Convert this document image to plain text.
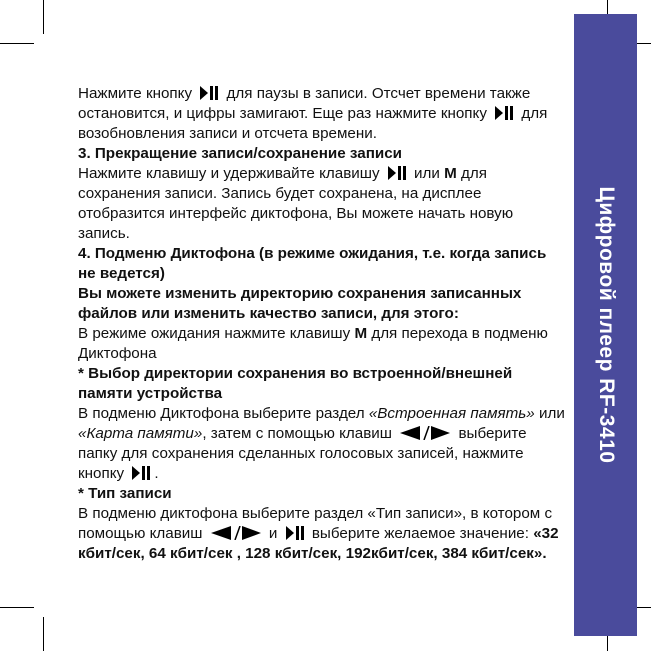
Цифровой плеер RF-3410

Нажмите кнопку для паузы в записи. Отсчет времени также остановится, и цифры замигают. Еще раз нажмите кнопку для возобновления записи и отсчета времени.

3. Прекращение записи/сохранение записи

Нажмите клавишу и удерживайте клавишу или М для сохранения записи. Запись будет сохранена, на дисплее отобразится интерфейс диктофона, Вы можете начать новую запись.

4. Подменю Диктофона (в режиме ожидания, т.е. когда запись не ведется)

Вы можете изменить директорию сохранения записанных файлов или изменить качество записи, для этого:

В режиме ожидания нажмите клавишу М для перехода в подменю Диктофона

* Выбор директории сохранения во встроенной/внешней памяти устройства

В подменю Диктофона выберите раздел «Встроенная память» или «Карта памяти», затем с помощью клавиш	выберите папку для сохранения сделанных голосовых записей, нажмите кнопку .

* Тип записи

В подменю диктофона выберите раздел «Тип записи», в котором с помощью клавиш	и выберите желаемое значение: «32 кбит/сек, 64 кбит/сек , 128 кбит/сек, 192кбит/сек, 384 кбит/сек».
